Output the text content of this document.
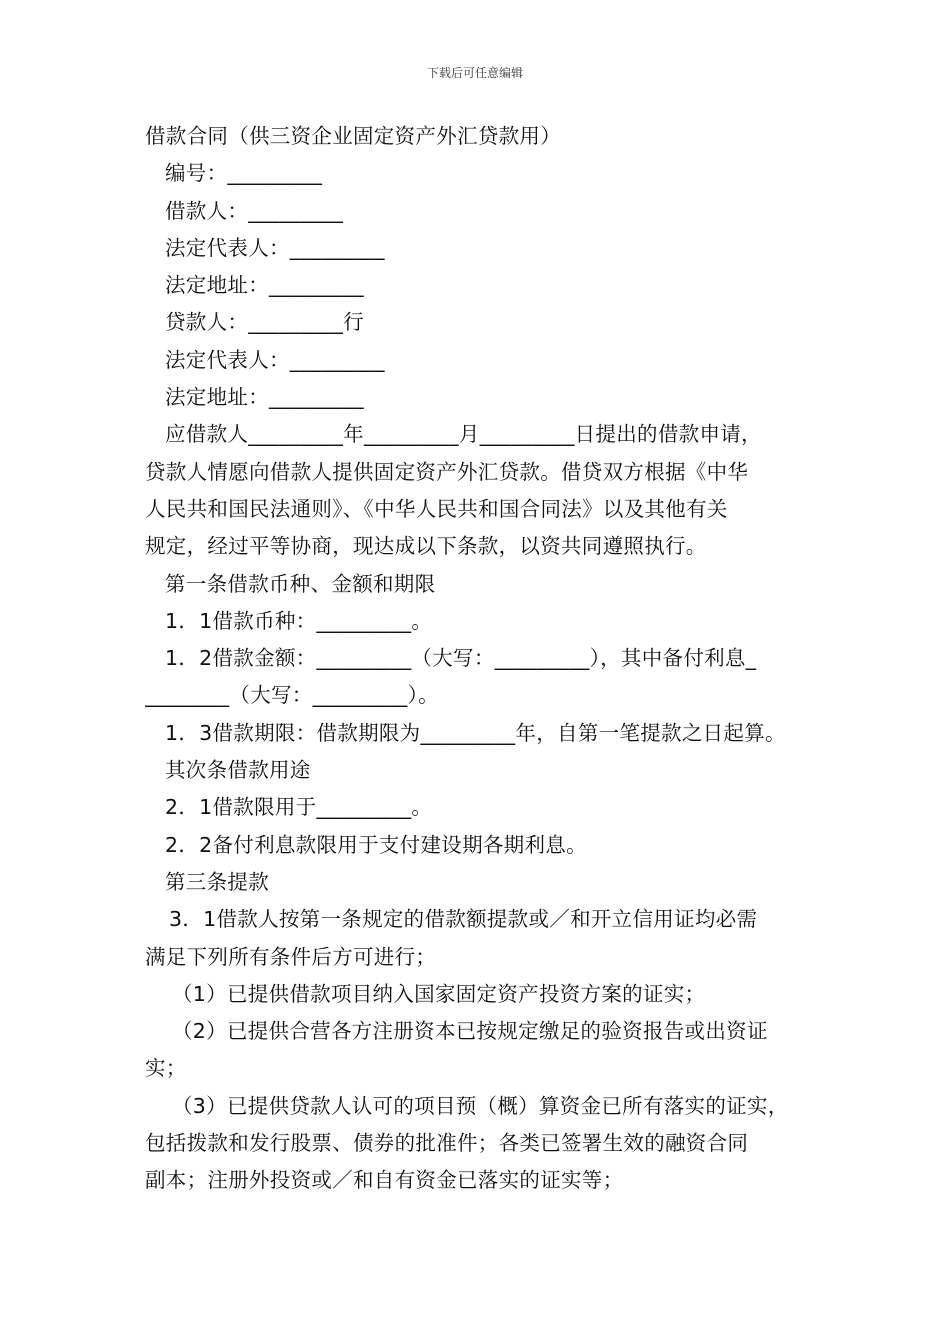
下载后可任意编辑
借款合同（供三资企业固定资产外汇贷款用）
编号：_________
借款人：_________
法定代表人：_________
法定地址：_________
贷款人：_________行
法定代表人：_________
法定地址：_________
应借款人_________年_________月_________日提出的借款申请，
贷款人情愿向借款人提供固定资产外汇贷款。借贷双方根据《中华
人民共和国民法通则》、《中华人民共和国合同法》以及其他有关
规定，经过平等协商，现达成以下条款，以资共同遵照执行。
第一条借款币种、金额和期限
1．1借款币种：_________。
1．2借款金额：_________（大写：_________），其中备付利息_
________（大写：_________）。
1．3借款期限：借款期限为_________年，自第一笔提款之日起算。
其次条借款用途
2．1借款限用于_________。
2．2备付利息款限用于支付建设期各期利息。
第三条提款
3．1借款人按第一条规定的借款额提款或／和开立信用证均必需
满足下列所有条件后方可进行；
（1）已提供借款项目纳入国家固定资产投资方案的证实；
（2）已提供合营各方注册资本已按规定缴足的验资报告或出资证
实；
（3）已提供贷款人认可的项目预（概）算资金已所有落实的证实，
包括拨款和发行股票、债券的批准件；各类已签署生效的融资合同
副本；注册外投资或／和自有资金已落实的证实等；
